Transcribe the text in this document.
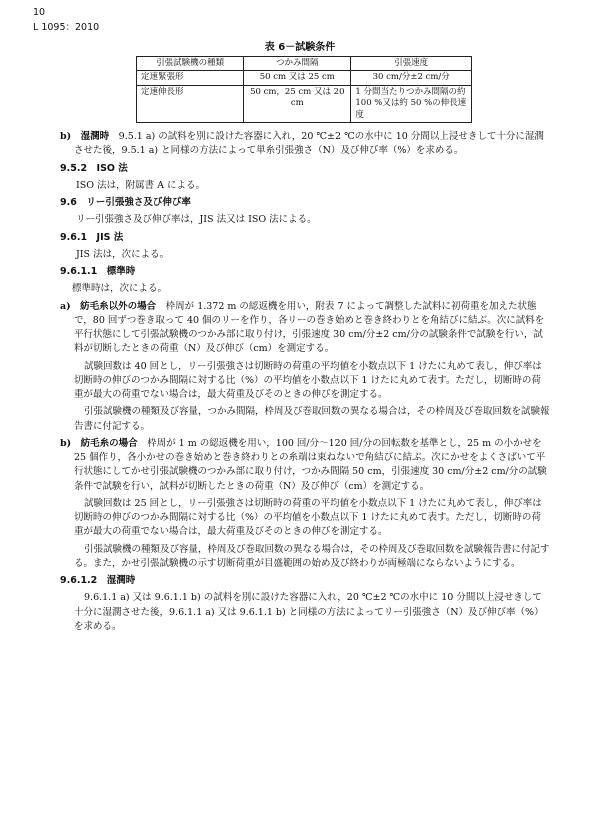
10
L 1095：2010
表 6－試験条件
引張試験機の種類	つかみ間隔	引張速度
定速緊張形	50 cm 又は 25 cm	30 cm/分±2 cm/分
定速伸長形	50 cm，25 cm 又は 20 cm	1 分間当たりつかみ間隔の約 100 %又は約 50 %の伸長速度

b)　湿潤時　 9.5.1 a) の試料を別に設けた容器に入れ，20 ℃±2 ℃の水中に 10 分間以上浸せきして十分に湿潤させた後，9.5.1 a) と同様の方法によって単糸引張強さ（N）及び伸び率（%）を求める。

9.5.2　ISO 法

ISO 法は，附属書 A による。

9.6　リー引張強さ及び伸び率

リー引張強さ及び伸び率は，JIS 法又は ISO 法による。

9.6.1　JIS 法

JIS 法は，次による。

9.6.1.1　標準時

標準時は，次による。

a)　紡毛糸以外の場合　 枠周が 1.372 m の綛返機を用い，附表 7 によって調整した試料に初荷重を加えた状態で，80 回ずつ巻き取って 40 個のリーを作り，各リーの巻き始めと巻き終わりとを角結びに結ぶ。次に試料を平行状態にして引張試験機のつかみ部に取り付け，引張速度 30 cm/分±2 cm/分の試験条件で試験を行い，試料が切断したときの荷重（N）及び伸び（cm）を測定する。

試験回数は 40 回とし，リー引張強さは切断時の荷重の平均値を小数点以下 1 けたに丸めて表し，伸び率は切断時の伸びのつかみ間隔に対する比（%）の平均値を小数点以下 1 けたに丸めて表す。ただし，切断時の荷重が最大の荷重でない場合は，最大荷重及びそのときの伸びを測定する。

引張試験機の種類及び容量，つかみ間隔，枠周及び巻取回数の異なる場合は，その枠周及び巻取回数を試験報告書に付記する。

b)　紡毛糸の場合　 枠周が 1 m の綛返機を用い，100 回/分～120 回/分の回転数を基準とし，25 m の小かせを 25 個作り，各小かせの巻き始めと巻き終わりとの糸端は束ねないで角結びに結ぶ。次にかせをよくさばいて平行状態にしてかせ引張試験機のつかみ部に取り付け，つかみ間隔 50 cm，引張速度 30 cm/分±2 cm/分の試験条件で試験を行い，試料が切断したときの荷重（N）及び伸び（cm）を測定する。

試験回数は 25 回とし，リー引張強さは切断時の荷重の平均値を小数点以下 1 けたに丸めて表し，伸び率は切断時の伸びのつかみ間隔に対する比（%）の平均値を小数点以下 1 けたに丸めて表す。ただし，切断時の荷重が最大の荷重でない場合は，最大荷重及びそのときの伸びを測定する。

引張試験機の種類及び容量，枠周及び巻取回数の異なる場合は，その枠周及び巻取回数を試験報告書に付記する。また，かせ引張試験機の示す切断荷重が目盛範囲の始め及び終わりが両極端にならないようにする。

9.6.1.2　湿潤時

9.6.1.1 a) 又は 9.6.1.1 b) の試料を別に設けた容器に入れ，20 ℃±2 ℃の水中に 10 分間以上浸せきして十分に湿潤させた後，9.6.1.1 a) 又は 9.6.1.1 b) と同様の方法によってリー引張強さ（N）及び伸び率（%）を求める。
